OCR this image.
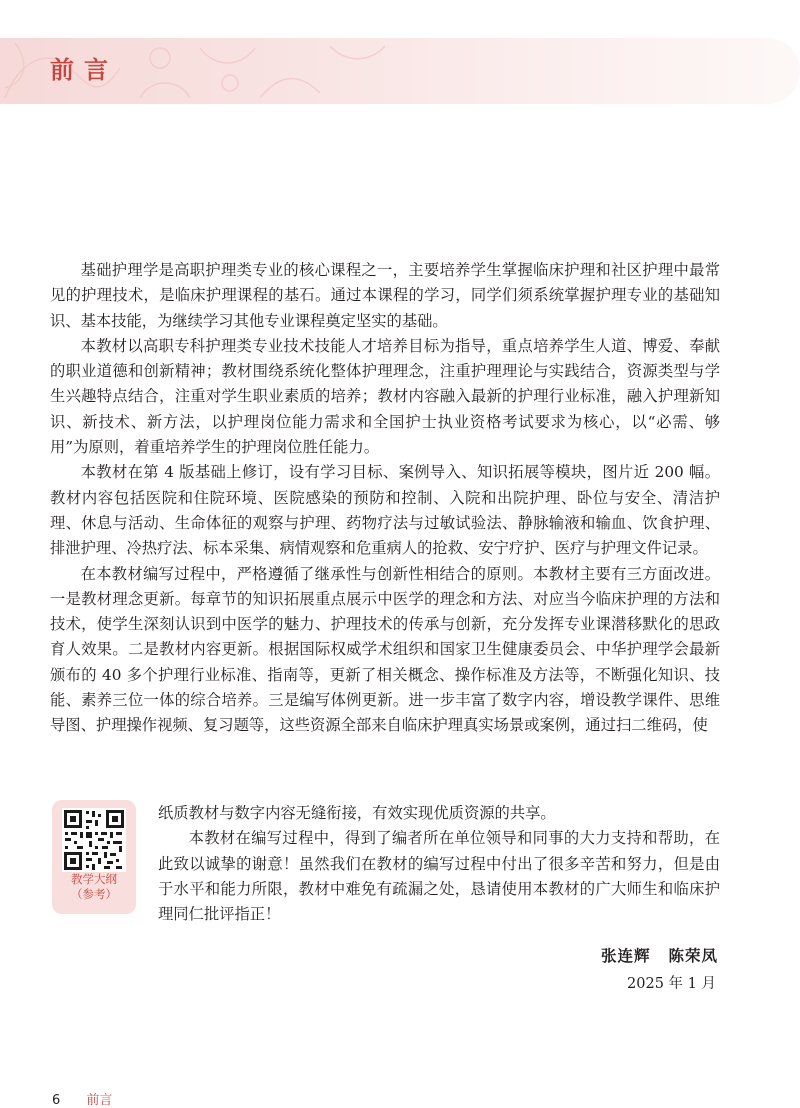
前言

基础护理学是高职护理类专业的核心课程之一，主要培养学生掌握临床护理和社区护理中最常见的护理技术，是临床护理课程的基石。通过本课程的学习，同学们须系统掌握护理专业的基础知识、基本技能，为继续学习其他专业课程奠定坚实的基础。

本教材以高职专科护理类专业技术技能人才培养目标为指导，重点培养学生人道、博爱、奉献的职业道德和创新精神；教材围绕系统化整体护理理念，注重护理理论与实践结合，资源类型与学生兴趣特点结合，注重对学生职业素质的培养；教材内容融入最新的护理行业标准，融入护理新知识、新技术、新方法，以护理岗位能力需求和全国护士执业资格考试要求为核心，以“必需、够用”为原则，着重培养学生的护理岗位胜任能力。

本教材在第 4 版基础上修订，设有学习目标、案例导入、知识拓展等模块，图片近 200 幅。教材内容包括医院和住院环境、医院感染的预防和控制、入院和出院护理、卧位与安全、清洁护理、休息与活动、生命体征的观察与护理、药物疗法与过敏试验法、静脉输液和输血、饮食护理、排泄护理、冷热疗法、标本采集、病情观察和危重病人的抢救、安宁疗护、医疗与护理文件记录。

在本教材编写过程中，严格遵循了继承性与创新性相结合的原则。本教材主要有三方面改进。一是教材理念更新。每章节的知识拓展重点展示中医学的理念和方法、对应当今临床护理的方法和技术，使学生深刻认识到中医学的魅力、护理技术的传承与创新，充分发挥专业课潜移默化的思政育人效果。二是教材内容更新。根据国际权威学术组织和国家卫生健康委员会、中华护理学会最新颁布的 40 多个护理行业标准、指南等，更新了相关概念、操作标准及方法等，不断强化知识、技能、素养三位一体的综合培养。三是编写体例更新。进一步丰富了数字内容，增设教学课件、思维导图、护理操作视频、复习题等，这些资源全部来自临床护理真实场景或案例，通过扫二维码，使

教学大纲
（参考）

纸质教材与数字内容无缝衔接，有效实现优质资源的共享。

本教材在编写过程中，得到了编者所在单位领导和同事的大力支持和帮助，在此致以诚挚的谢意！虽然我们在教材的编写过程中付出了很多辛苦和努力，但是由于水平和能力所限，教材中难免有疏漏之处，恳请使用本教材的广大师生和临床护理同仁批评指正！

张连辉 陈荣凤
2025 年 1 月
6 前言
